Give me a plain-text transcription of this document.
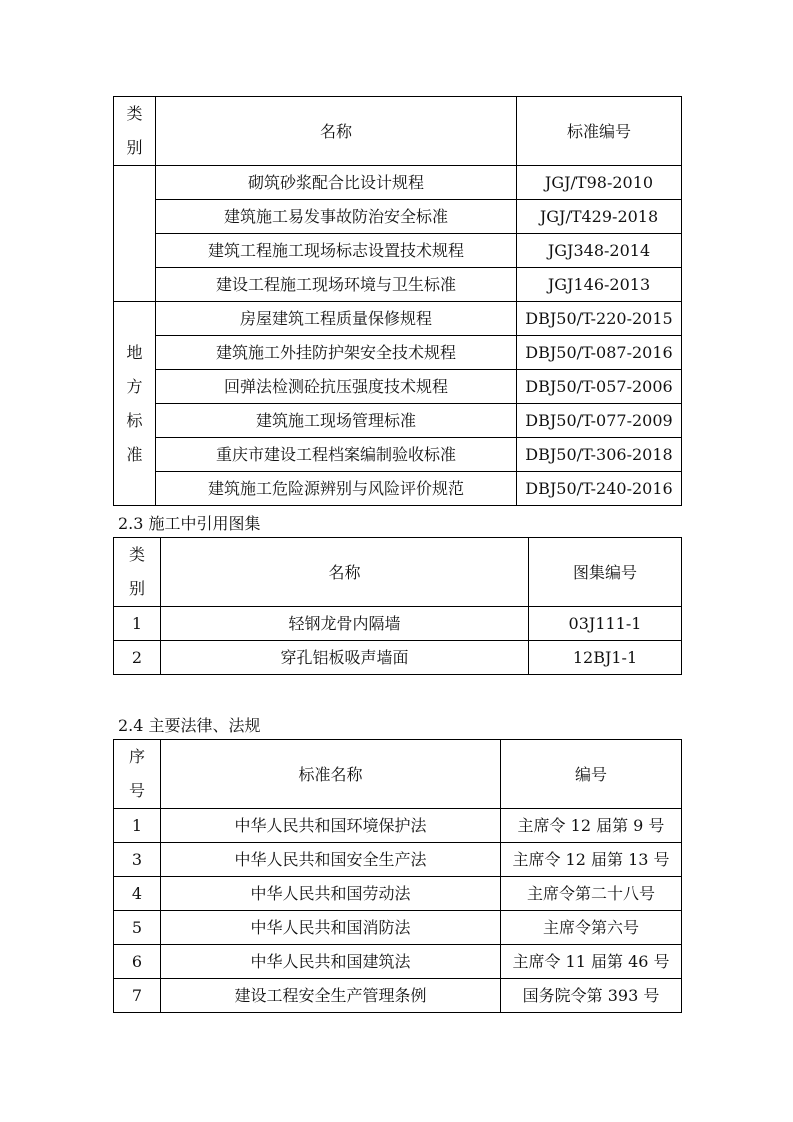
类
别	名称	标准编号
	砌筑砂浆配合比设计规程	JGJ/T98-2010
	建筑施工易发事故防治安全标准	JGJ/T429-2018
	建筑工程施工现场标志设置技术规程	JGJ348-2014
	建设工程施工现场环境与卫生标准	JGJ146-2013
地
方
标
准	房屋建筑工程质量保修规程	DBJ50/T-220-2015
	建筑施工外挂防护架安全技术规程	DBJ50/T-087-2016
	回弹法检测砼抗压强度技术规程	DBJ50/T-057-2006
	建筑施工现场管理标准	DBJ50/T-077-2009
	重庆市建设工程档案编制验收标准	DBJ50/T-306-2018
	建筑施工危险源辨别与风险评价规范	DBJ50/T-240-2016
2.3 施工中引用图集
类
别	名称	图集编号
1	轻钢龙骨内隔墙	03J111-1
2	穿孔铝板吸声墙面	12BJ1-1
2.4 主要法律、法规
序
号	标准名称	编号
1	中华人民共和国环境保护法	主席令 12 届第 9 号
3	中华人民共和国安全生产法	主席令 12 届第 13 号
4	中华人民共和国劳动法	主席令第二十八号
5	中华人民共和国消防法	主席令第六号
6	中华人民共和国建筑法	主席令 11 届第 46 号
7	建设工程安全生产管理条例	国务院令第 393 号
